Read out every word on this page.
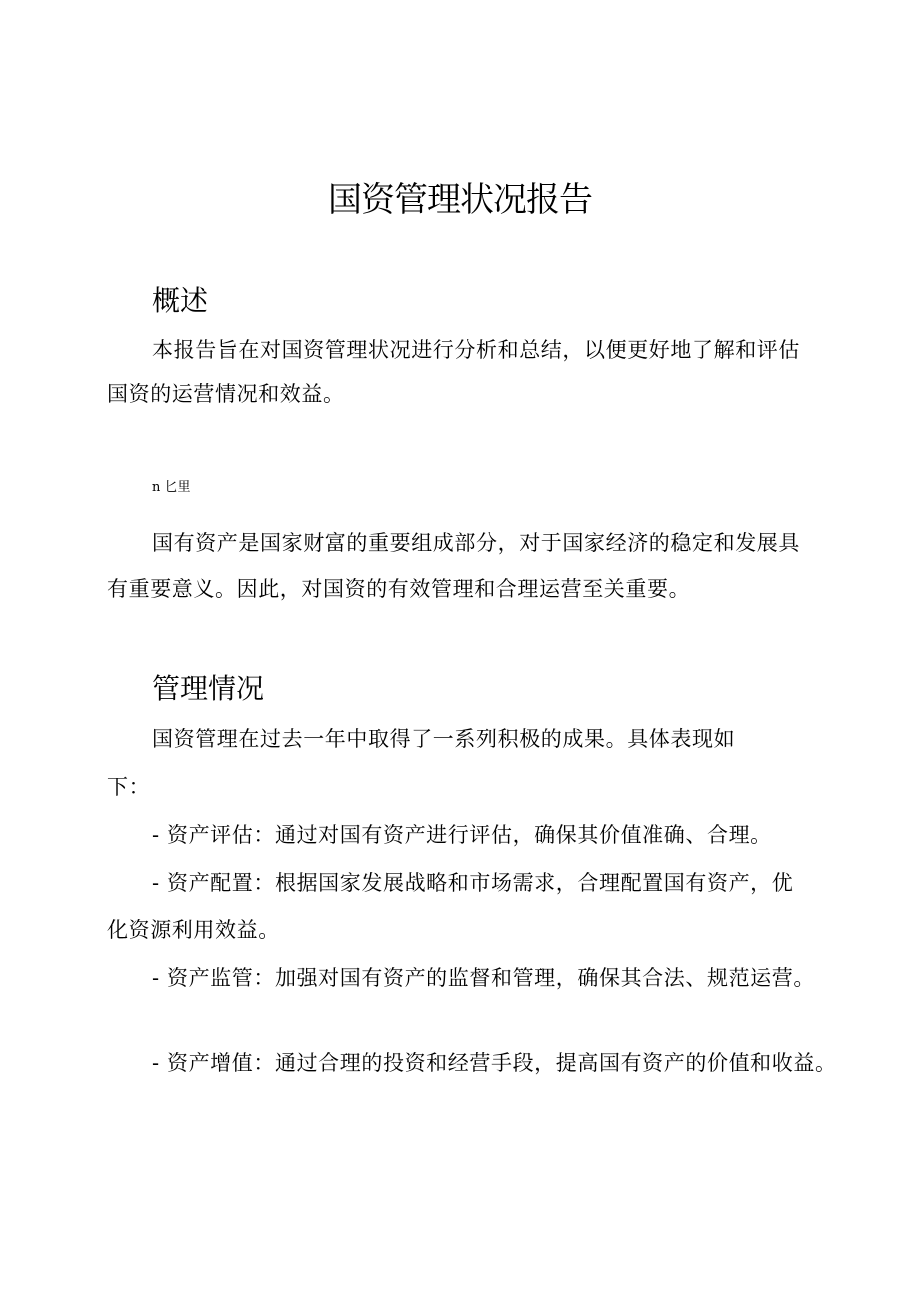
国资管理状况报告
概述
本报告旨在对国资管理状况进行分析和总结，以便更好地了解和评估
国资的运营情况和效益。
n 匕里
国有资产是国家财富的重要组成部分，对于国家经济的稳定和发展具
有重要意义。因此，对国资的有效管理和合理运营至关重要。
管理情况
国资管理在过去一年中取得了一系列积极的成果。具体表现如
下：
- 资产评估：通过对国有资产进行评估，确保其价值准确、合理。
- 资产配置：根据国家发展战略和市场需求，合理配置国有资产，优
化资源利用效益。
- 资产监管：加强对国有资产的监督和管理，确保其合法、规范运营。
- 资产增值：通过合理的投资和经营手段，提高国有资产的价值和收益。
